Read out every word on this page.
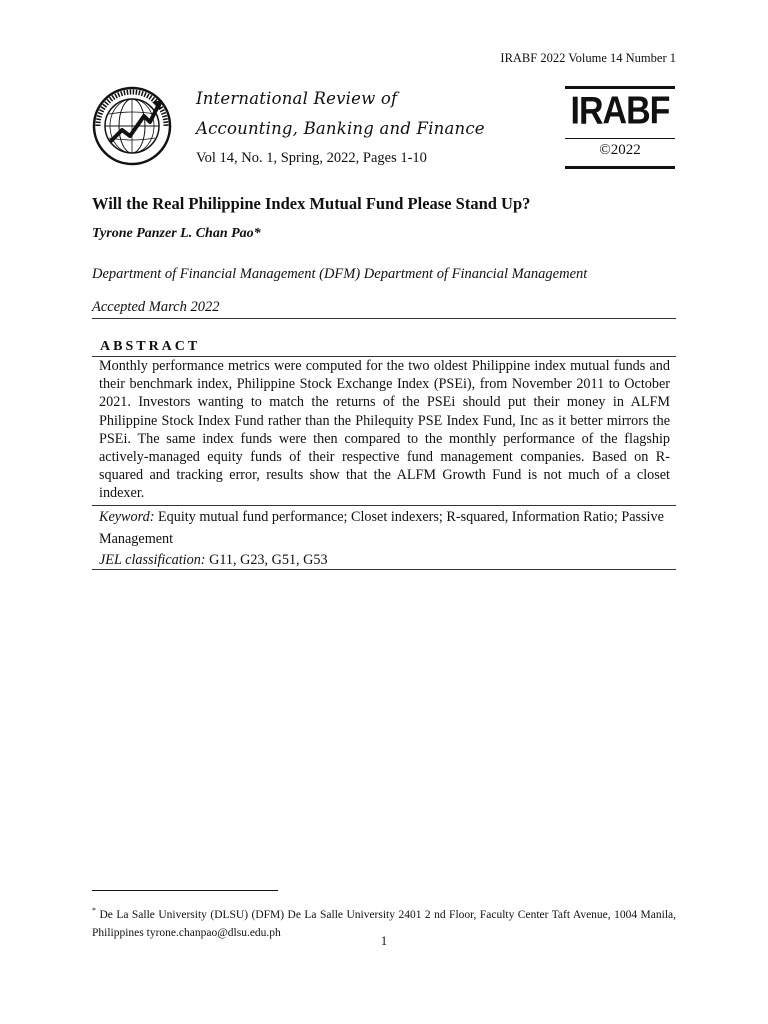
IRABF 2022 Volume 14 Number 1
International Review of
Accounting, Banking and Finance
Vol 14, No. 1, Spring, 2022, Pages 1-10
IRABF
©2022
Will the Real Philippine Index Mutual Fund Please Stand Up?
Tyrone Panzer L. Chan Pao*
Department of Financial Management (DFM) Department of Financial Management
Accepted March 2022
ABSTRACT
Monthly performance metrics were computed for the two oldest Philippine index mutual funds and their benchmark index, Philippine Stock Exchange Index (PSEi), from November 2011 to October 2021. Investors wanting to match the returns of the PSEi should put their money in ALFM Philippine Stock Index Fund rather than the Philequity PSE Index Fund, Inc as it better mirrors the PSEi. The same index funds were then compared to the monthly performance of the flagship actively-managed equity funds of their respective fund management companies. Based on R-squared and tracking error, results show that the ALFM Growth Fund is not much of a closet indexer.
Keyword: Equity mutual fund performance; Closet indexers; R-squared, Information Ratio; Passive Management
JEL classification: G11, G23, G51, G53
* De La Salle University (DLSU) (DFM) De La Salle University 2401 2 nd Floor, Faculty Center Taft Avenue, 1004 Manila, Philippines tyrone.chanpao@dlsu.edu.ph
1
